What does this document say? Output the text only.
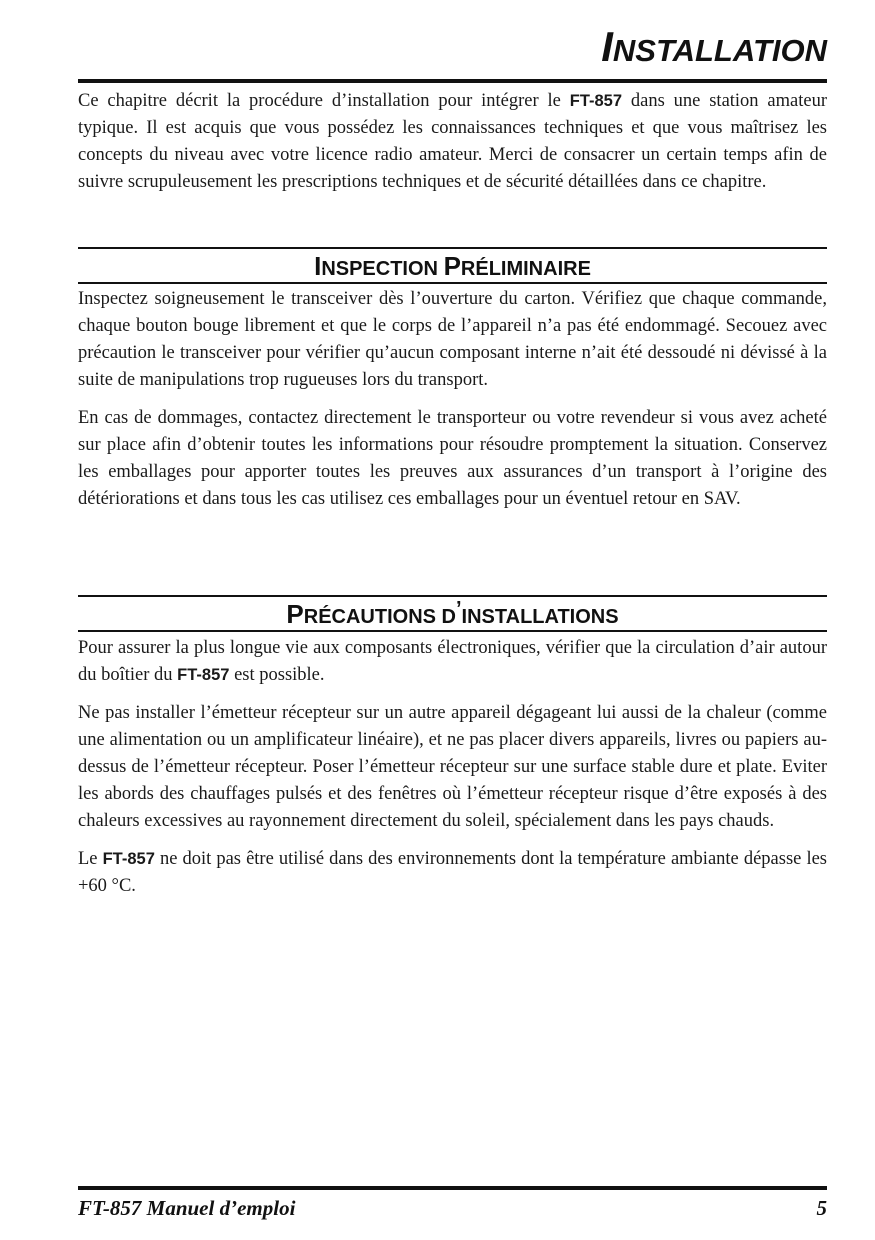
INSTALLATION

Ce chapitre décrit la procédure d’installation pour intégrer le FT-857 dans une station amateur typique. Il est acquis que vous possédez les connaissances techniques et que vous maîtrisez les concepts du niveau avec votre licence radio amateur. Merci de consacrer un certain temps afin de suivre scrupuleusement les prescriptions techniques et de sécurité détaillées dans ce chapitre.

INSPECTION PRÉLIMINAIRE

Inspectez soigneusement le transceiver dès l’ouverture du carton. Vérifiez que chaque commande, chaque bouton bouge librement et que le corps de l’appareil n’a pas été endommagé. Secouez avec précaution le transceiver pour vérifier qu’aucun composant interne n’ait été dessoudé ni dévissé à la suite de manipulations trop rugueuses lors du transport.

En cas de dommages, contactez directement le transporteur ou votre revendeur si vous avez acheté sur place afin d’obtenir toutes les informations pour résoudre promptement la situation. Conservez les emballages pour apporter toutes les preuves aux assurances d’un transport à l’origine des détériorations et dans tous les cas utilisez ces emballages pour un éventuel retour en SAV.

PRÉCAUTIONS D’INSTALLATIONS

Pour assurer la plus longue vie aux composants électroniques, vérifier que la circulation d’air autour du boîtier du FT-857 est possible.

Ne pas installer l’émetteur récepteur sur un autre appareil dégageant lui aussi de la chaleur (comme une alimentation ou un amplificateur linéaire), et ne pas placer divers appareils, livres ou papiers au- dessus de l’émetteur récepteur. Poser l’émetteur récepteur sur une surface stable dure et plate. Eviter les abords des chauffages pulsés et des fenêtres où l’émetteur récepteur risque d’être exposés à des chaleurs excessives au rayonnement directement du soleil, spécialement dans les pays chauds.

Le FT-857 ne doit pas être utilisé dans des environnements dont la température ambiante dépasse les +60 °C.

FT-857 Manuel d’emploi	5
